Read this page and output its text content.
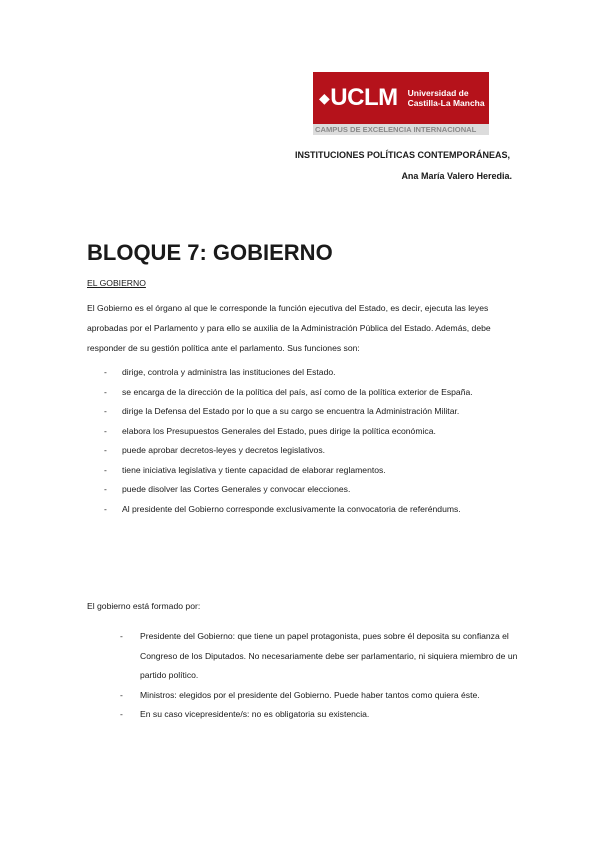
◆UCLM Universidad de
Castilla-La Mancha
CAMPUS DE EXCELENCIA INTERNACIONAL
INSTITUCIONES POLÍTICAS CONTEMPORÁNEAS,
Ana María Valero Heredia.
BLOQUE 7: GOBIERNO
EL GOBIERNO

El Gobierno es el órgano al que le corresponde la función ejecutiva del Estado, es decir, ejecuta las leyes aprobadas por el Parlamento y para ello se auxilia de la Administración Pública del Estado. Además, debe responder de su gestión política ante el parlamento. Sus funciones son:

- dirige, controla y administra las instituciones del Estado.
- se encarga de la dirección de la política del país, así como de la política exterior de España.
- dirige la Defensa del Estado por lo que a su cargo se encuentra la Administración Militar.
- elabora los Presupuestos Generales del Estado, pues dirige la política económica.
- puede aprobar decretos-leyes y decretos legislativos.
- tiene iniciativa legislativa y tiente capacidad de elaborar reglamentos.
- puede disolver las Cortes Generales y convocar elecciones.
- Al presidente del Gobierno corresponde exclusivamente la convocatoria de referéndums.
El gobierno está formado por:
- Presidente del Gobierno: que tiene un papel protagonista, pues sobre él deposita su confianza el Congreso de los Diputados. No necesariamente debe ser parlamentario, ni siquiera miembro de un partido político.
- Ministros: elegidos por el presidente del Gobierno. Puede haber tantos como quiera éste.
- En su caso vicepresidente/s: no es obligatoria su existencia.
